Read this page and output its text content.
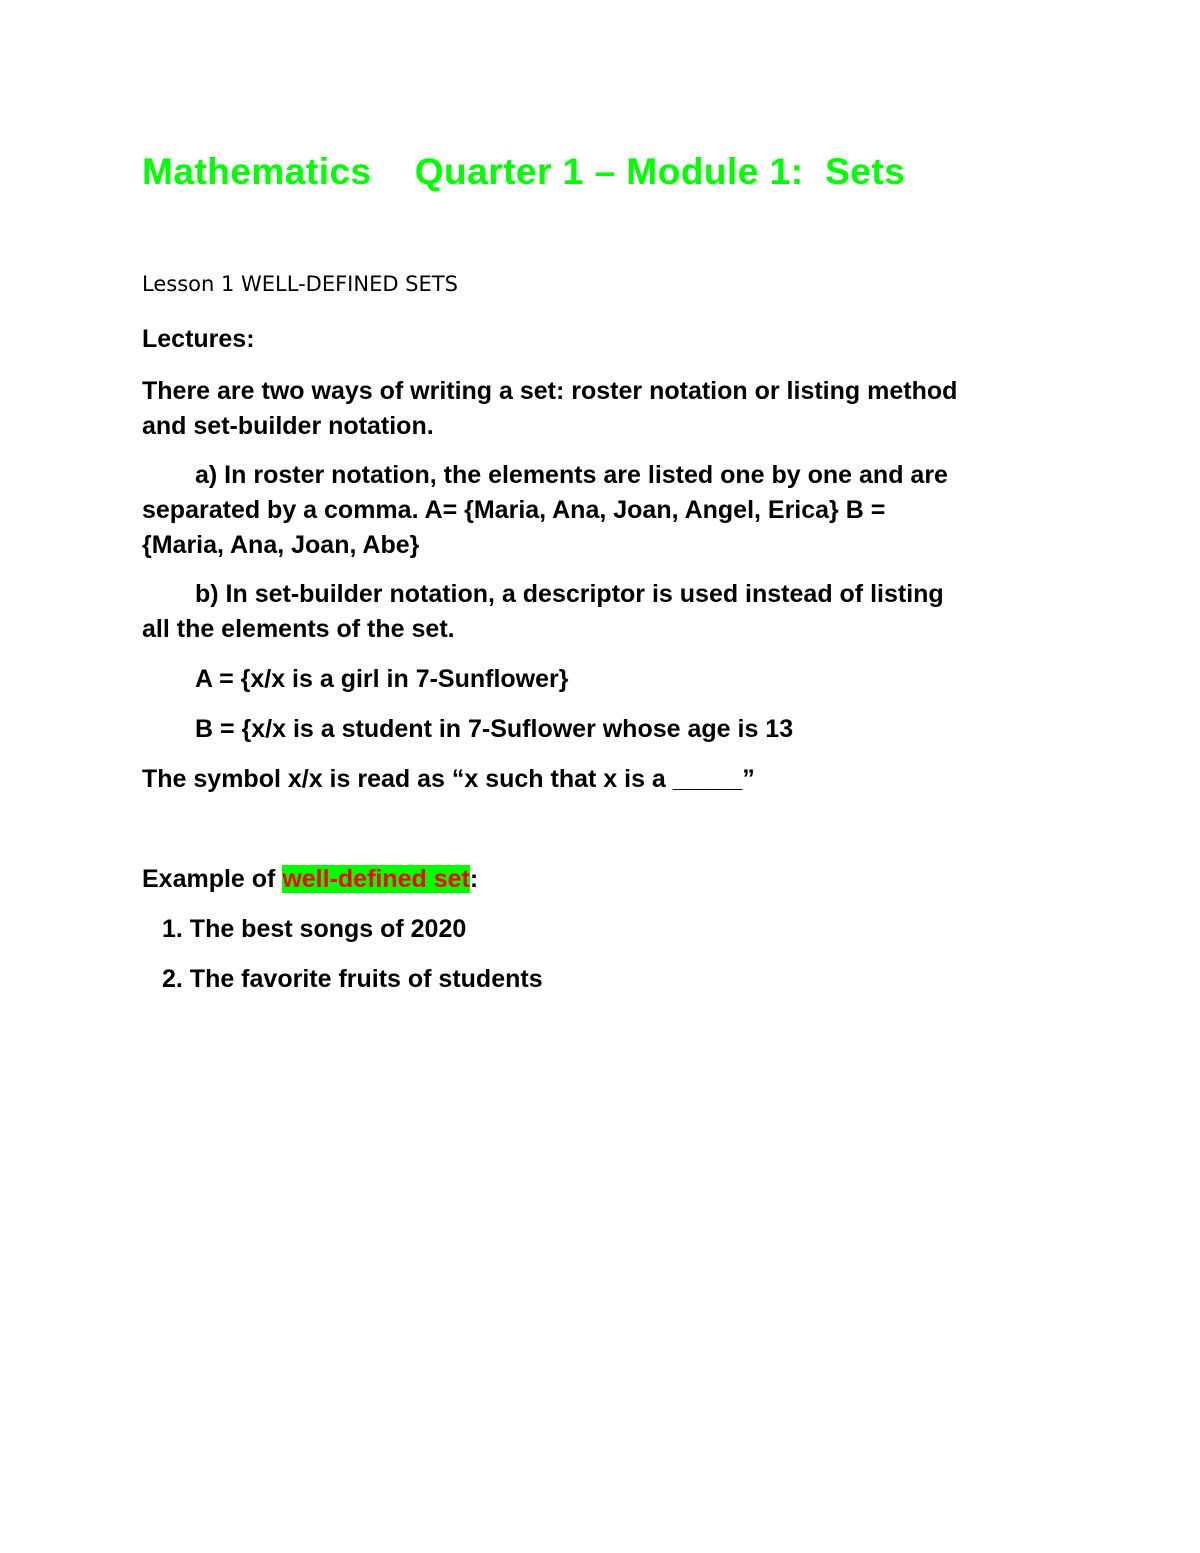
Mathematics    Quarter 1 – Module 1:  Sets

Lesson 1 WELL-DEFINED SETS

Lectures:

There are two ways of writing a set: roster notation or listing method
and set-builder notation.

a) In roster notation, the elements are listed one by one and are
separated by a comma. A= {Maria, Ana, Joan, Angel, Erica} B =
{Maria, Ana, Joan, Abe}

b) In set-builder notation, a descriptor is used instead of listing
all the elements of the set.

A = {x/x is a girl in 7-Sunflower}

B = {x/x is a student in 7-Suflower whose age is 13

The symbol x/x is read as “x such that x is a _____”

Example of well-defined set:

1. The best songs of 2020

2. The favorite fruits of students
